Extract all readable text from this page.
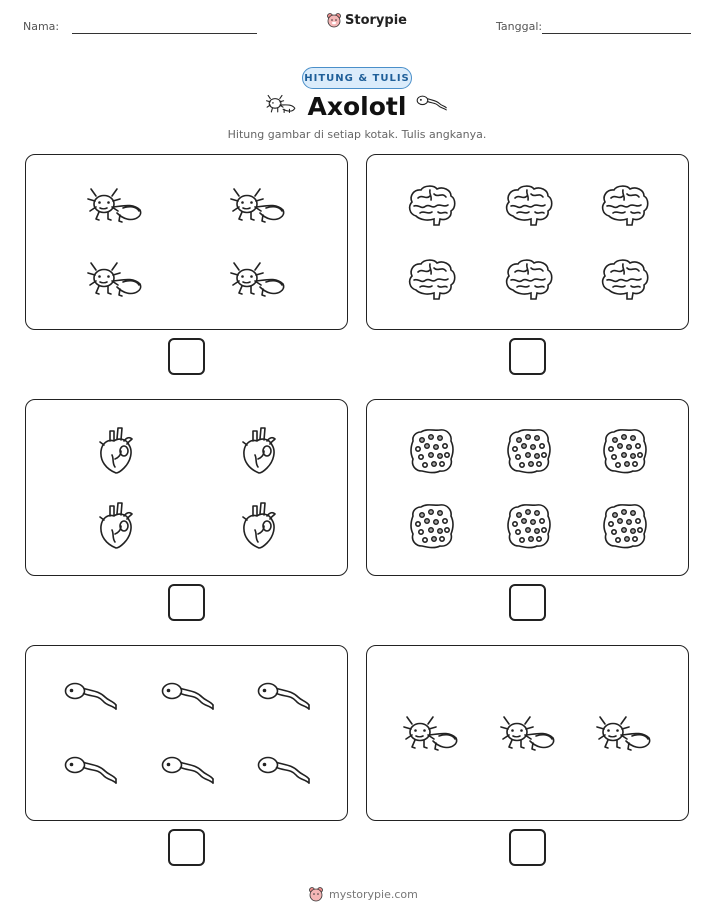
Nama:	Storypie	Tanggal:
HITUNG & TULIS
Axolotl
Hitung gambar di setiap kotak. Tulis angkanya.
mystorypie.com
